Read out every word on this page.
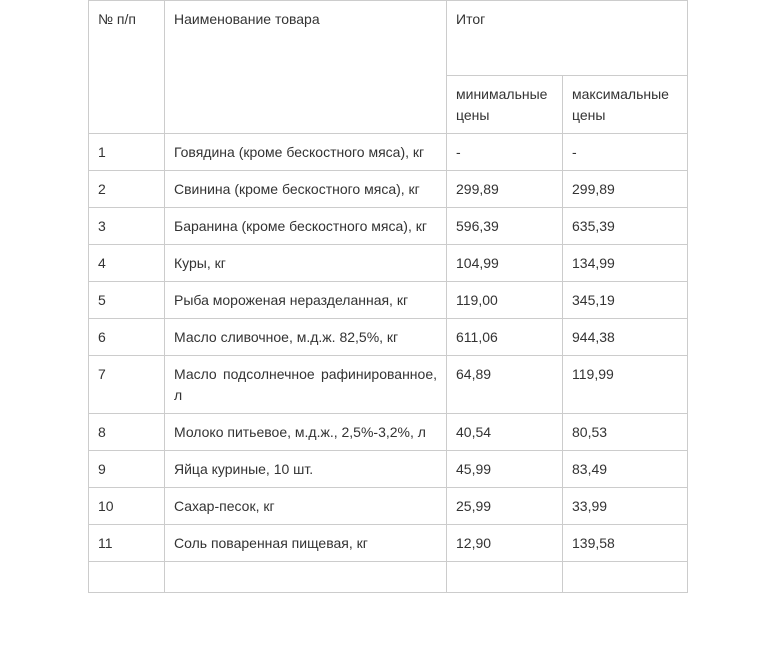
№ п/п	Наименование товара	Итог	
		минимальные цены	максимальные цены
1	Говядина (кроме бескостного мяса), кг	-	-
2	Свинина (кроме бескостного мяса), кг	299,89	299,89
3	Баранина (кроме бескостного мяса), кг	596,39	635,39
4	Куры, кг	104,99	134,99
5	Рыба мороженая неразделанная, кг	119,00	345,19
6	Масло сливочное, м.д.ж. 82,5%, кг	611,06	944,38
7	Масло подсолнечное рафинированное, л	64,89	119,99
8	Молоко питьевое, м.д.ж., 2,5%-3,2%, л	40,54	80,53
9	Яйца куриные, 10 шт.	45,99	83,49
10	Сахар-песок, кг	25,99	33,99
11	Соль поваренная пищевая, кг	12,90	139,58
